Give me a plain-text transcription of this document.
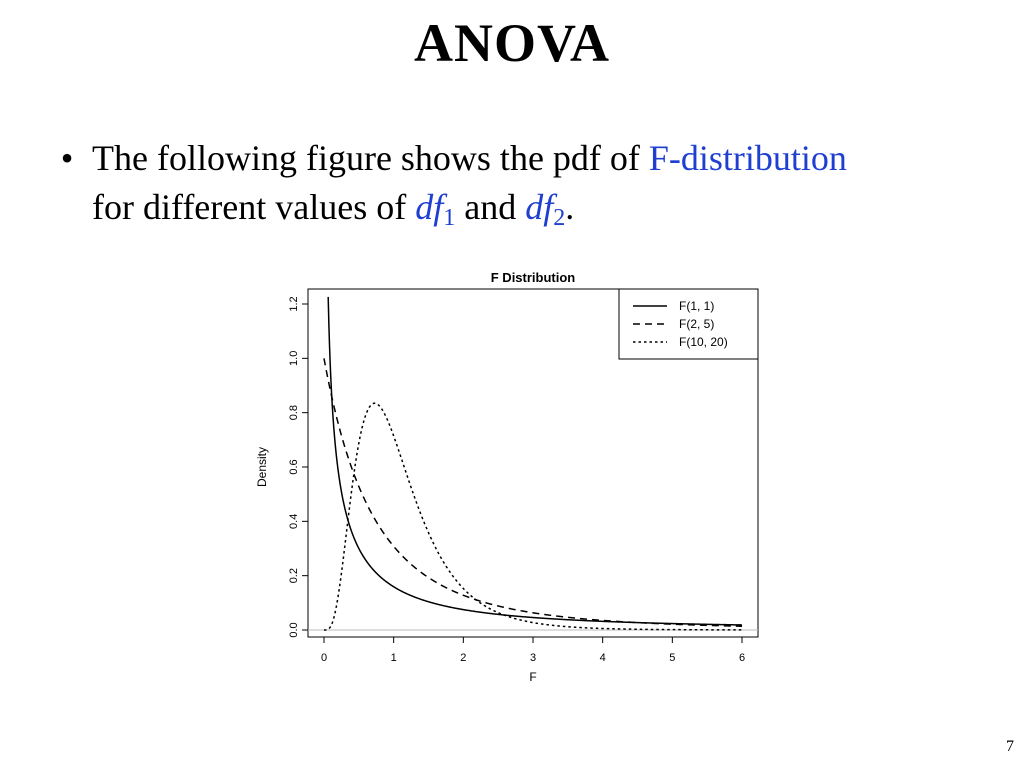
ANOVA
• The following figure shows the pdf of F-distribution
for different values of $df_1$ and $df_2$.
F Distribution
0.0
0.2
0.4
0.6
0.8
1.0
1.2
0	1	2	3	4	5	6
F
Density
F(1, 1)
F(2, 5)
F(10, 20)
7
